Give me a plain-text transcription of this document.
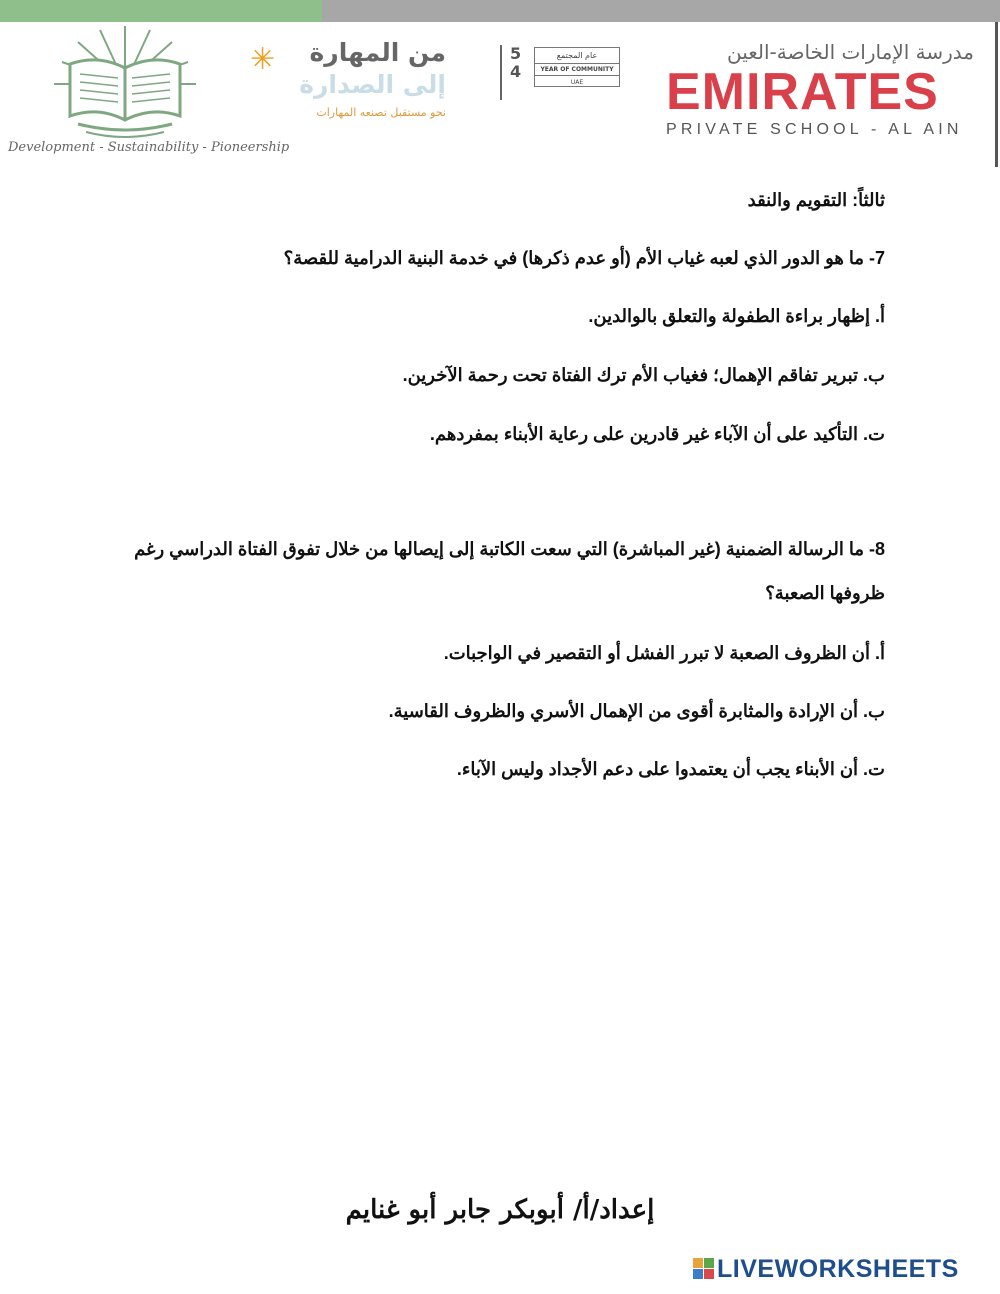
Development - Sustainability - Pioneership
✳ من المهارة
إلى الصدارة
نحو مستقبل تصنعه المهارات
5
4
عام المجتمع
YEAR OF COMMUNITY
UAE
مدرسة الإمارات الخاصة-العين
EMIRATES
PRIVATE SCHOOL - AL AIN
ثالثاً: التقويم والنقد
7- ما هو الدور الذي لعبه غياب الأم (أو عدم ذكرها) في خدمة البنية الدرامية للقصة؟
أ. إظهار براءة الطفولة والتعلق بالوالدين.
ب. تبرير تفاقم الإهمال؛ فغياب الأم ترك الفتاة تحت رحمة الآخرين.
ت. التأكيد على أن الآباء غير قادرين على رعاية الأبناء بمفردهم.
8- ما الرسالة الضمنية (غير المباشرة) التي سعت الكاتبة إلى إيصالها من خلال تفوق الفتاة الدراسي رغم ظروفها الصعبة؟
أ. أن الظروف الصعبة لا تبرر الفشل أو التقصير في الواجبات.
ب. أن الإرادة والمثابرة أقوى من الإهمال الأسري والظروف القاسية.
ت. أن الأبناء يجب أن يعتمدوا على دعم الأجداد وليس الآباء.
إعداد/أ/ أبوبكر جابر أبو غنايم
LIVEWORKSHEETS
